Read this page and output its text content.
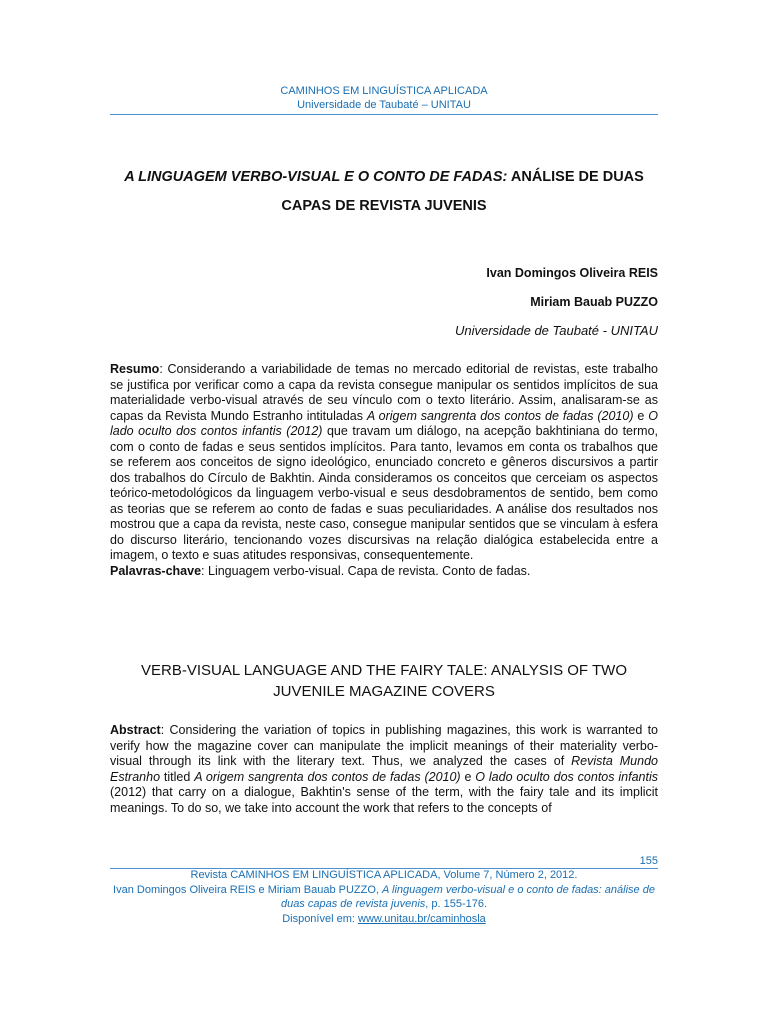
CAMINHOS EM LINGUÍSTICA APLICADA
Universidade de Taubaté – UNITAU
A LINGUAGEM VERBO-VISUAL E O CONTO DE FADAS: ANÁLISE DE DUAS CAPAS DE REVISTA JUVENIS
Ivan Domingos Oliveira REIS
Miriam Bauab PUZZO
Universidade de Taubaté - UNITAU
Resumo: Considerando a variabilidade de temas no mercado editorial de revistas, este trabalho se justifica por verificar como a capa da revista consegue manipular os sentidos implícitos de sua materialidade verbo-visual através de seu vínculo com o texto literário. Assim, analisaram-se as capas da Revista Mundo Estranho intituladas A origem sangrenta dos contos de fadas (2010) e O lado oculto dos contos infantis (2012) que travam um diálogo, na acepção bakhtiniana do termo, com o conto de fadas e seus sentidos implícitos. Para tanto, levamos em conta os trabalhos que se referem aos conceitos de signo ideológico, enunciado concreto e gêneros discursivos a partir dos trabalhos do Círculo de Bakhtin. Ainda consideramos os conceitos que cerceiam os aspectos teórico-metodológicos da linguagem verbo-visual e seus desdobramentos de sentido, bem como as teorias que se referem ao conto de fadas e suas peculiaridades. A análise dos resultados nos mostrou que a capa da revista, neste caso, consegue manipular sentidos que se vinculam à esfera do discurso literário, tencionando vozes discursivas na relação dialógica estabelecida entre a imagem, o texto e suas atitudes responsivas, consequentemente.
Palavras-chave: Linguagem verbo-visual. Capa de revista. Conto de fadas.
VERB-VISUAL LANGUAGE AND THE FAIRY TALE: ANALYSIS OF TWO JUVENILE MAGAZINE COVERS
Abstract: Considering the variation of topics in publishing magazines, this work is warranted to verify how the magazine cover can manipulate the implicit meanings of their materiality verbo-visual through its link with the literary text. Thus, we analyzed the cases of Revista Mundo Estranho titled A origem sangrenta dos contos de fadas (2010) e O lado oculto dos contos infantis (2012) that carry on a dialogue, Bakhtin's sense of the term, with the fairy tale and its implicit meanings. To do so, we take into account the work that refers to the concepts of
155
Revista CAMINHOS EM LINGUÍSTICA APLICADA, Volume 7, Número 2, 2012.
Ivan Domingos Oliveira REIS e Miriam Bauab PUZZO, A linguagem verbo-visual e o conto de fadas: análise de duas capas de revista juvenis, p. 155-176.
Disponível em: www.unitau.br/caminhosla
